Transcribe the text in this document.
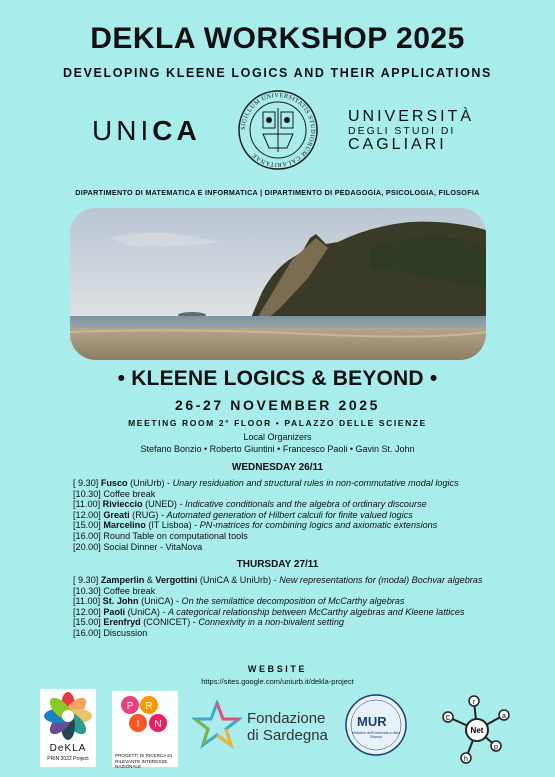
DEKLA WORKSHOP 2025
DEVELOPING KLEENE LOGICS AND THEIR APPLICATIONS
UNICA	SIGILLUM UNIVERSITATIS STUDIORUM CALARITANAE
UNIVERSITÀ
DEGLI STUDI DI
CAGLIARI
DIPARTIMENTO DI MATEMATICA E INFORMATICA | DIPARTIMENTO DI PEDAGOGIA, PSICOLOGIA, FILOSOFIA
• KLEENE LOGICS & BEYOND •
26-27 NOVEMBER 2025
MEETING ROOM 2° FLOOR • PALAZZO DELLE SCIENZE
Local Organizers
Stefano Bonzio • Roberto Giuntini • Francesco Paoli • Gavin St. John
WEDNESDAY 26/11
[ 9.30] Fusco (UniUrb) - Unary residuation and structural rules in non-commutative modal logics
[10.30] Coffee break
[11.00] Rivieccio (UNED) - Indicative conditionals and the algebra of ordinary discourse
[12.00] Greati (RUG) - Automated generation of Hilbert calculi for finite valued logics
[15.00] Marcelino (IT Lisboa) - PN-matrices for combining logics and axiomatic extensions
[16.00] Round Table on computational tools
[20.00] Social Dinner - VitaNova
THURSDAY 27/11
[ 9.30] Zamperlin & Vergottini (UniCA & UniUrb) - New representations for (modal) Bochvar algebras
[10.30] Coffee break
[11.00] St. John (UniCA) - On the semilattice decomposition of McCarthy algebras
[12.00] Paoli (UniCA) - A categorical relationship between McCarthy algebras and Kleene lattices
[15.00] Erenfryd (CONICET) - Connexivity in a non-bivalent setting
[16.00] Discussion
WEBSITE
https://sites.google.com/uniurb.it/dekla-project
DeKLA
PRIN 2022 Project
P R
I N
PROGETTI DI RICERCA DI RILEVANTE INTERESSE NAZIONALE
Fondazione di Sardegna
MUR
Ministero dell'Università e della Ricerca
C
r
a
p
h
Net
